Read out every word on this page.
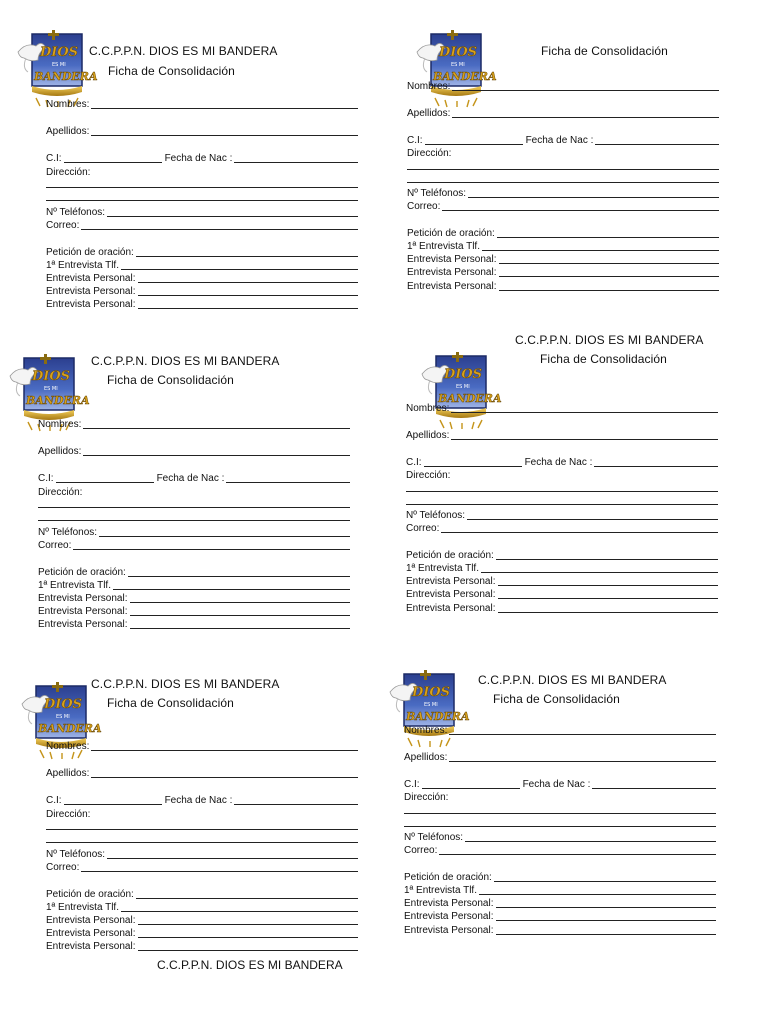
DIOS
ES MI
BANDERA
C.C.P.P.N. DIOS ES MI BANDERA
Ficha de Consolidación
Nombres:
Apellidos:
C.I:	Fecha de Nac :
Dirección:
Nº Teléfonos:
Correo:
Petición de oración:
1ª Entrevista Tlf.
Entrevista Personal:
Entrevista Personal:
Entrevista Personal:
DIOS
ES MI
BANDERA
Ficha de Consolidación
Nombres:
Apellidos:
C.I:	Fecha de Nac :
Dirección:
Nº Teléfonos:
Correo:
Petición de oración:
1ª Entrevista Tlf.
Entrevista Personal:
Entrevista Personal:
Entrevista Personal:
DIOS
ES MI
BANDERA
C.C.P.P.N. DIOS ES MI BANDERA
Ficha de Consolidación
Nombres:
Apellidos:
C.I:	Fecha de Nac :
Dirección:
Nº Teléfonos:
Correo:
Petición de oración:
1ª Entrevista Tlf.
Entrevista Personal:
Entrevista Personal:
Entrevista Personal:
DIOS
ES MI
BANDERA
C.C.P.P.N. DIOS ES MI BANDERA
Ficha de Consolidación
Nombres:
Apellidos:
C.I:	Fecha de Nac :
Dirección:
Nº Teléfonos:
Correo:
Petición de oración:
1ª Entrevista Tlf.
Entrevista Personal:
Entrevista Personal:
Entrevista Personal:
DIOS
ES MI
BANDERA
C.C.P.P.N. DIOS ES MI BANDERA
Ficha de Consolidación
Nombres:
Apellidos:
C.I:	Fecha de Nac :
Dirección:
Nº Teléfonos:
Correo:
Petición de oración:
1ª Entrevista Tlf.
Entrevista Personal:
Entrevista Personal:
Entrevista Personal:
DIOS
ES MI
BANDERA
C.C.P.P.N. DIOS ES MI BANDERA
Ficha de Consolidación
Nombres:
Apellidos:
C.I:	Fecha de Nac :
Dirección:
Nº Teléfonos:
Correo:
Petición de oración:
1ª Entrevista Tlf.
Entrevista Personal:
Entrevista Personal:
Entrevista Personal:
C.C.P.P.N. DIOS ES MI BANDERA
